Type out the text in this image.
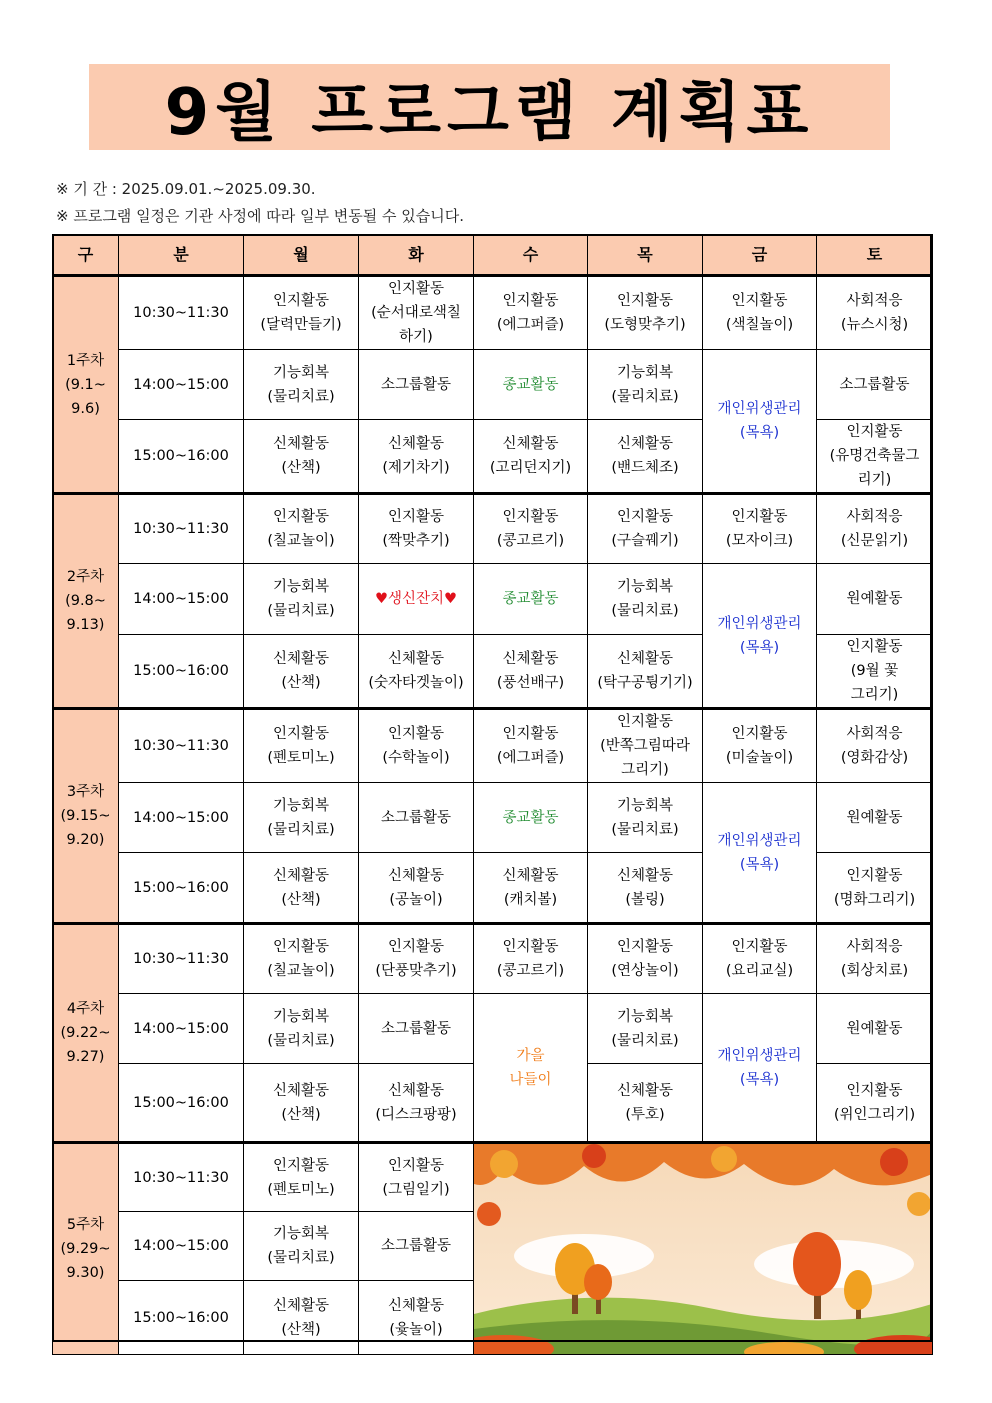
9월 프로그램 계획표
※ 기 간 : 2025.09.01.~2025.09.30.
※ 프로그램 일정은 기관 사정에 따라 일부 변동될 수 있습니다.
구	분	월	화	수	목	금	토
1주차
(9.1~
9.6)	10:30~11:30	인지활동
(달력만들기)	인지활동
(순서대로색칠
하기)	인지활동
(에그퍼즐)	인지활동
(도형맞추기)	인지활동
(색칠놀이)	사회적응
(뉴스시청)
	14:00~15:00	기능회복
(물리치료)	소그룹활동	종교활동	기능회복
(물리치료)	개인위생관리
(목욕)	소그룹활동
	15:00~16:00	신체활동
(산책)	신체활동
(제기차기)	신체활동
(고리던지기)	신체활동
(밴드체조)		인지활동
(유명건축물그
리기)
2주차
(9.8~
9.13)	10:30~11:30	인지활동
(칠교놀이)	인지활동
(짝맞추기)	인지활동
(콩고르기)	인지활동
(구슬꿰기)	인지활동
(모자이크)	사회적응
(신문읽기)
	14:00~15:00	기능회복
(물리치료)	♥생신잔치♥	종교활동	기능회복
(물리치료)	개인위생관리
(목욕)	원예활동
	15:00~16:00	신체활동
(산책)	신체활동
(숫자타겟놀이)	신체활동
(풍선배구)	신체활동
(탁구공튕기기)		인지활동
(9월 꽃
그리기)
3주차
(9.15~
9.20)	10:30~11:30	인지활동
(펜토미노)	인지활동
(수학놀이)	인지활동
(에그퍼즐)	인지활동
(반쪽그림따라
그리기)	인지활동
(미술놀이)	사회적응
(영화감상)
	14:00~15:00	기능회복
(물리치료)	소그룹활동	종교활동	기능회복
(물리치료)	개인위생관리
(목욕)	원예활동
	15:00~16:00	신체활동
(산책)	신체활동
(공놀이)	신체활동
(캐치볼)	신체활동
(볼링)		인지활동
(명화그리기)
4주차
(9.22~
9.27)	10:30~11:30	인지활동
(칠교놀이)	인지활동
(단풍맞추기)	인지활동
(콩고르기)	인지활동
(연상놀이)	인지활동
(요리교실)	사회적응
(회상치료)
	14:00~15:00	기능회복
(물리치료)	소그룹활동	가을
나들이	기능회복
(물리치료)	개인위생관리
(목욕)	원예활동
	15:00~16:00	신체활동
(산책)	신체활동
(디스크팡팡)		신체활동
(투호)		인지활동
(위인그리기)
5주차
(9.29~
9.30)	10:30~11:30	인지활동
(펜토미노)	인지활동
(그림일기)	

	14:00~15:00	기능회복
(물리치료)	소그룹활동				
	15:00~16:00	신체활동
(산책)	신체활동
(윷놀이)				
